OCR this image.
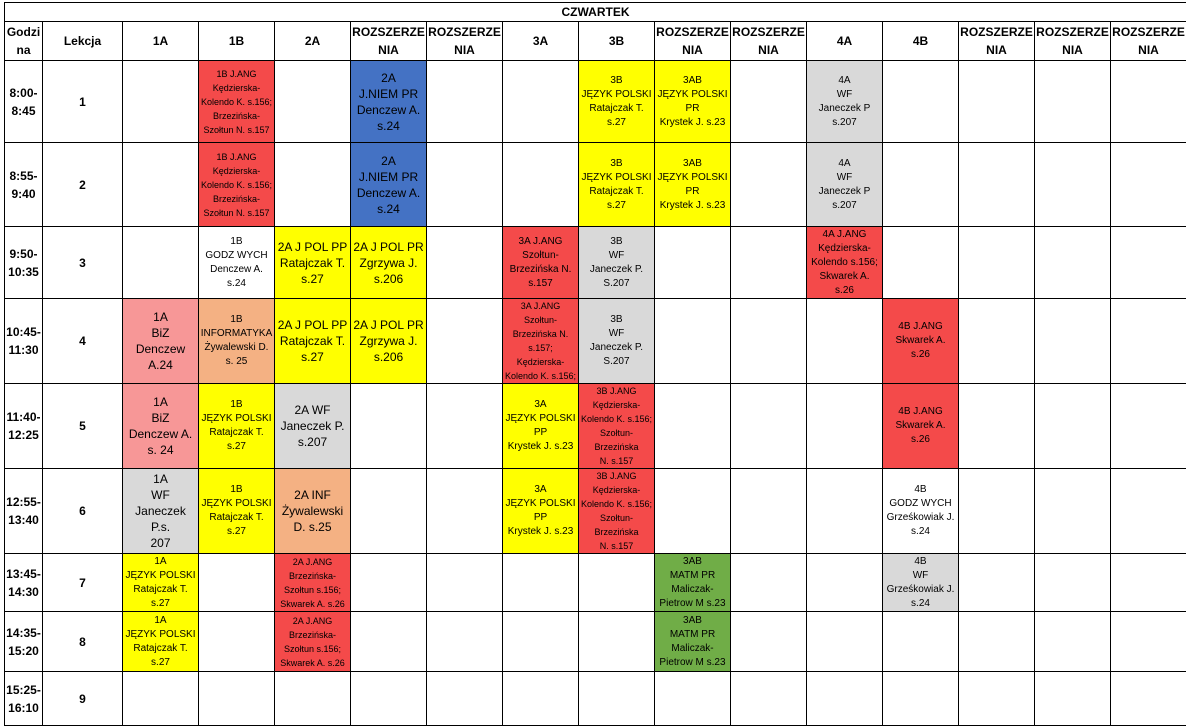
CZWARTEK															

Godzi
na	Lekcja	1A	1B	2A	ROZSZERZE
NIA	ROZSZERZE
NIA	3A	3B	ROZSZERZE
NIA	ROZSZERZE
NIA	4A	4B	ROZSZERZE
NIA	ROZSZERZE
NIA	ROZSZERZE
NIA

8:00-
8:45	1		1B J.ANG
Kędzierska-
Kolendo K. s.156;
Brzezińska-
Szołtun N. s.157		2A
J.NIEM PR
Denczew A.
s.24			3B
JĘZYK POLSKI
Ratajczak T.
s.27	3AB
JĘZYK POLSKI
PR
Krystek J. s.23		4A
WF
Janeczek P
s.207				

8:55-
9:40	2		1B J.ANG
Kędzierska-
Kolendo K. s.156;
Brzezińska-
Szołtun N. s.157		2A
J.NIEM PR
Denczew A.
s.24			3B
JĘZYK POLSKI
Ratajczak T.
s.27	3AB
JĘZYK POLSKI
PR
Krystek J. s.23		4A
WF
Janeczek P
s.207				

9:50-
10:35	3		1B
GODZ WYCH
Denczew A.
s.24	2A J POL PP
Ratajczak T.
s.27	2A J POL PR
Zgrzywa J.
s.206		3A J.ANG
Szołtun-
Brzezińska N.
s.157	3B
WF
Janeczek P.
S.207			4A J.ANG
Kędzierska-
Kolendo s.156;
Skwarek A.
s.26				

10:45-
11:30	4	1A
BiZ
Denczew
A.24	1B
INFORMATYKA
Żywalewski D.
s. 25	2A J POL PP
Ratajczak T.
s.27	2A J POL PR
Zgrzywa J.
s.206		3A J.ANG Szołtun-
Brzezińska N.
s.157; Kędzierska-
Kolendo K. s.156;	3B
WF
Janeczek P.
S.207				4B J.ANG
Skwarek A.
s.26			

11:40-
12:25	5	1A
BiZ
Denczew A.
s. 24	1B
JĘZYK POLSKI
Ratajczak T.
s.27	2A WF
Janeczek P.
s.207			3A
JĘZYK POLSKI
PP
Krystek J. s.23	3B J.ANG
Kędzierska-
Kolendo K. s.156;
Szołtun-Brzezińska
N. s.157				4B J.ANG
Skwarek A.
s.26			

12:55-
13:40	6	1A
WF
Janeczek P.s.
207	1B
JĘZYK POLSKI
Ratajczak T.
s.27	2A INF
Żywalewski
D. s.25			3A
JĘZYK POLSKI
PP
Krystek J. s.23	3B J.ANG
Kędzierska-
Kolendo K. s.156;
Szołtun-Brzezińska
N. s.157				4B
GODZ WYCH
Grześkowiak J.
s.24			

13:45-
14:30	7	1A
JĘZYK POLSKI
Ratajczak T.
s.27		2A J.ANG
Brzezińska-
Szołtun s.156;
Skwarek A. s.26					3AB
MATM PR
Maliczak-
Pietrow M s.23			4B
WF
Grześkowiak J.
s.24			

14:35-
15:20	8	1A
JĘZYK POLSKI
Ratajczak T.
s.27		2A J.ANG
Brzezińska-
Szołtun s.156;
Skwarek A. s.26					3AB
MATM PR
Maliczak-
Pietrow M s.23						

15:25-
16:10	9	
